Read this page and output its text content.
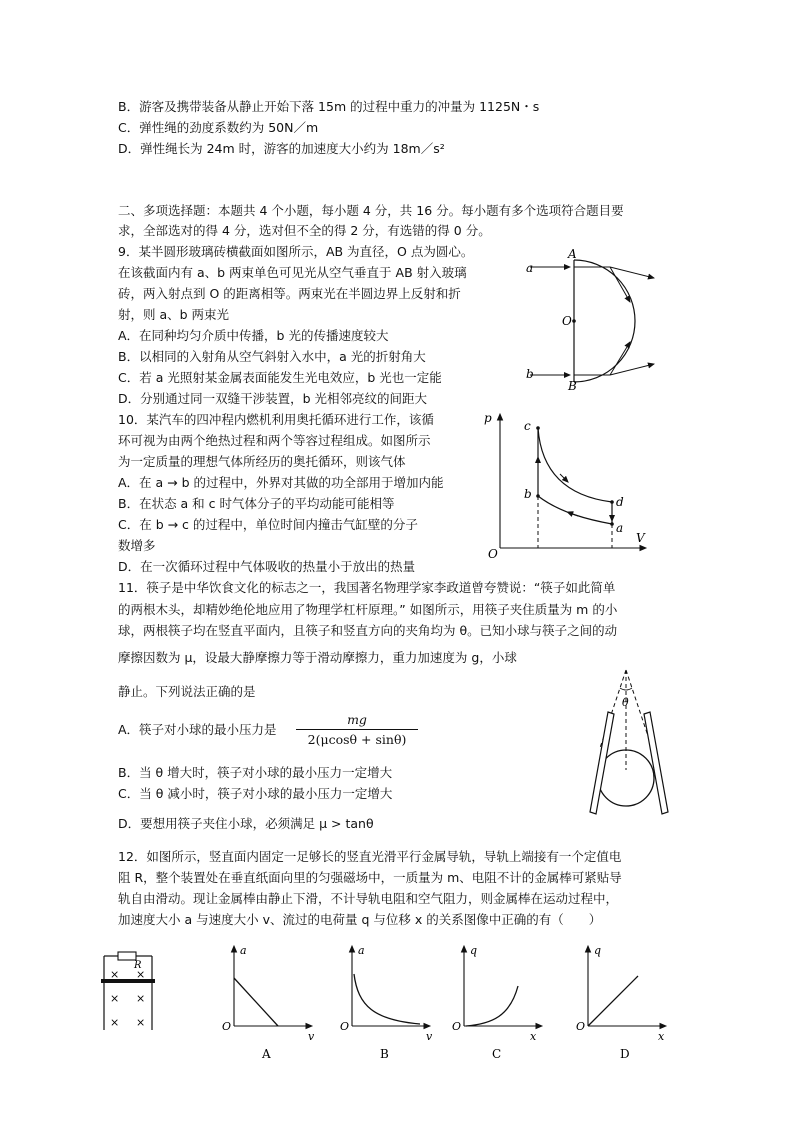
B．游客及携带装备从静止开始下落 15m 的过程中重力的冲量为 1125N・s
C．弹性绳的劲度系数约为 50N／m
D．弹性绳长为 24m 时，游客的加速度大小约为 18m／s²
二、多项选择题：本题共 4 个小题，每小题 4 分，共 16 分。每小题有多个选项符合题目要
求，全部选对的得 4 分，选对但不全的得 2 分，有选错的得 0 分。
9．某半圆形玻璃砖横截面如图所示，AB 为直径，O 点为圆心。
在该截面内有 a、b 两束单色可见光从空气垂直于 AB 射入玻璃
砖，两入射点到 O 的距离相等。两束光在半圆边界上反射和折
射，则 a、b 两束光
A．在同种均匀介质中传播，b 光的传播速度较大
B．以相同的入射角从空气斜射入水中，a 光的折射角大
C．若 a 光照射某金属表面能发生光电效应，b 光也一定能
D．分别通过同一双缝干涉装置，b 光相邻亮纹的间距大
a
b
A
B
O
10．某汽车的四冲程内燃机利用奥托循环进行工作，该循
环可视为由两个绝热过程和两个等容过程组成。如图所示
为一定质量的理想气体所经历的奥托循环，则该气体
A．在 a → b 的过程中，外界对其做的功全部用于增加内能
B．在状态 a 和 c 时气体分子的平均动能可能相等
C．在 b → c 的过程中，单位时间内撞击气缸壁的分子
数增多
D．在一次循环过程中气体吸收的热量小于放出的热量
p
V
O
c
b
d
a
11．筷子是中华饮食文化的标志之一，我国著名物理学家李政道曾夸赞说：“筷子如此简单
的两根木头，却精妙绝伦地应用了物理学杠杆原理。” 如图所示，用筷子夹住质量为 m 的小
球，两根筷子均在竖直平面内，且筷子和竖直方向的夹角均为 θ。已知小球与筷子之间的动
摩擦因数为 μ，设最大静摩擦力等于滑动摩擦力，重力加速度为 g，小球
静止。下列说法正确的是
A．筷子对小球的最小压力是
mg
2(μcosθ + sinθ)
B．当 θ 增大时，筷子对小球的最小压力一定增大
C．当 θ 减小时，筷子对小球的最小压力一定增大
D．要想用筷子夹住小球，必须满足 μ > tanθ
θ
12．如图所示，竖直面内固定一足够长的竖直光滑平行金属导轨，导轨上端接有一个定值电
阻 R，整个装置处在垂直纸面向里的匀强磁场中，一质量为 m、电阻不计的金属棒可紧贴导
轨自由滑动。现让金属棒由静止下滑，不计导轨电阻和空气阻力，则金属棒在运动过程中，
加速度大小 a 与速度大小 v、流过的电荷量 q 与位移 x 的关系图像中正确的有（　　）
R
× ×
× ×
× ×
a
v
O
A
a
v
O
B
q
x
O
C
q
x
O
D
